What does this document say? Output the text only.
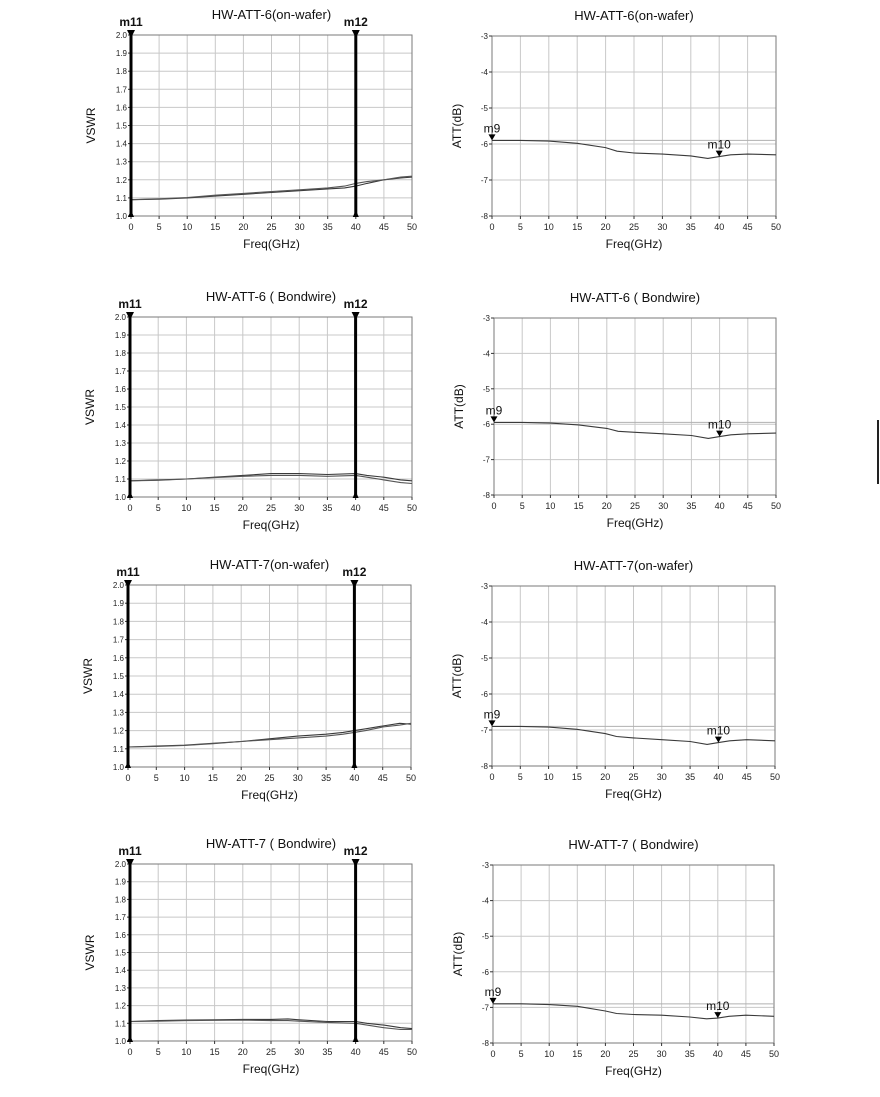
0	5 10 15 20 25 30 35 40 45 50
1.0
1.1
1.2
1.3
1.4
1.5
1.6
1.7
1.8
1.9
2.0
HW-ATT-6(on-wafer)
Freq(GHz)
VSWR
m11	m12
0	5 10 15 20 25 30 35 40 45 50
-8
-7
-6
-5
-4
-3
HW-ATT-6(on-wafer)
Freq(GHz)
ATT(dB) m9
m10
0	5 10 15 20 25 30 35 40 45 50
1.0
1.1
1.2
1.3
1.4
1.5
1.6
1.7
1.8
1.9
2.0
HW-ATT-6 ( Bondwire)
Freq(GHz)
VSWR
m11	m12
0	5 10 15 20 25 30 35 40 45 50
-8
-7
-6
-5
-4
-3
HW-ATT-6 ( Bondwire)
Freq(GHz)
ATT(dB) m9
m10
0	5 10 15 20 25 30 35 40 45 50
1.0
1.1
1.2
1.3
1.4
1.5
1.6
1.7
1.8
1.9
2.0
HW-ATT-7(on-wafer)
Freq(GHz)
VSWR
m11	m12
0	5 10 15 20 25 30 35 40 45 50
-8
-7
-6
-5
-4
-3
HW-ATT-7(on-wafer)
Freq(GHz)
ATT(dB)
m9
m10
0	5 10 15 20 25 30 35 40 45 50
1.0
1.1
1.2
1.3
1.4
1.5
1.6
1.7
1.8
1.9
2.0
HW-ATT-7 ( Bondwire)
Freq(GHz)
VSWR
m11	m12
0	5 10 15 20 25 30 35 40 45 50
-8
-7
-6
-5
-4
-3
HW-ATT-7 ( Bondwire)
Freq(GHz)
ATT(dB)
m9
m10
